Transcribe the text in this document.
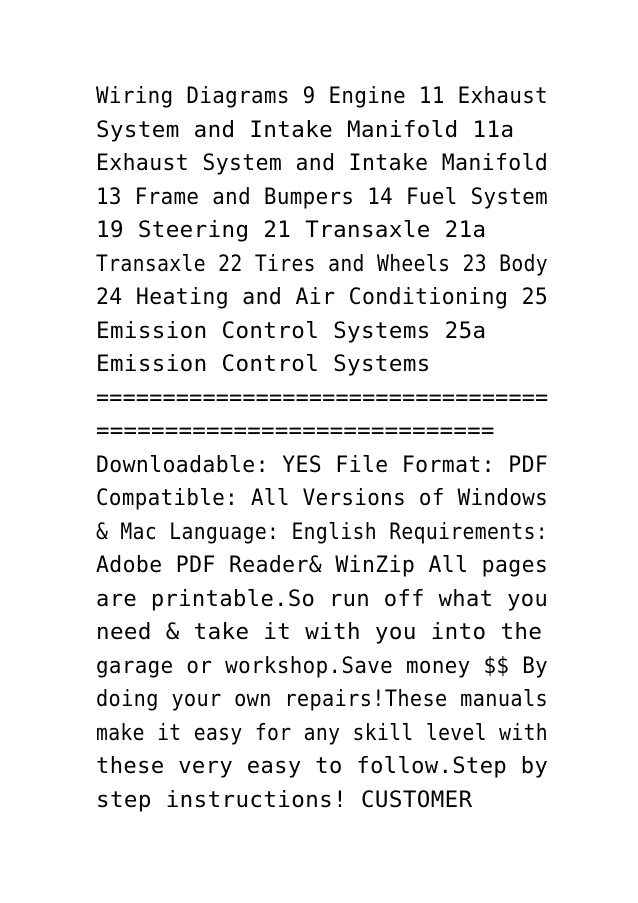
Wiring Diagrams 9 Engine 11 Exhaust

System and Intake Manifold 11a

Exhaust System and Intake Manifold

13 Frame and Bumpers 14 Fuel System

19 Steering 21 Transaxle 21a

Transaxle 22 Tires and Wheels 23 Body

24 Heating and Air Conditioning 25

Emission Control Systems 25a

Emission Control Systems

==================================

=============================

Downloadable: YES File Format: PDF

Compatible: All Versions of Windows

& Mac Language: English Requirements:

Adobe PDF Reader& WinZip All pages

are printable.So run off what you

need & take it with you into the

garage or workshop.Save money $$ By

doing your own repairs!These manuals

make it easy for any skill level with

these very easy to follow.Step by

step instructions! CUSTOMER
